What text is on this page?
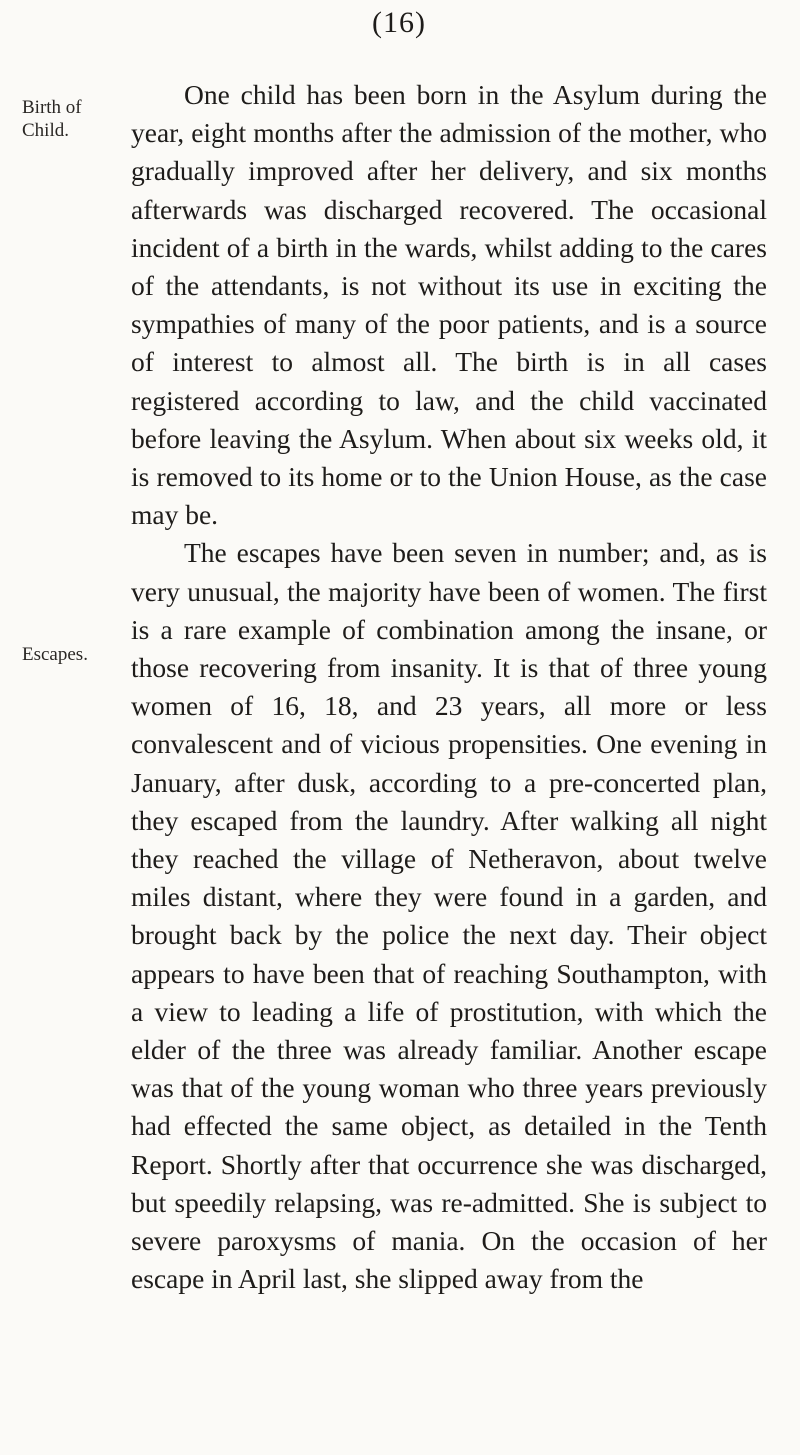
(16)
Birth of Child.
Escapes.

One child has been born in the Asylum during the year, eight months after the admission of the mother, who gradually improved after her delivery, and six months afterwards was discharged recovered. The occasional incident of a birth in the wards, whilst adding to the cares of the attendants, is not without its use in exciting the sympathies of many of the poor patients, and is a source of interest to almost all. The birth is in all cases registered according to law, and the child vaccinated before leaving the Asylum. When about six weeks old, it is removed to its home or to the Union House, as the case may be.

The escapes have been seven in number; and, as is very unusual, the majority have been of women. The first is a rare example of combination among the insane, or those recovering from insanity. It is that of three young women of 16, 18, and 23 years, all more or less convalescent and of vicious propensities. One evening in January, after dusk, according to a pre-concerted plan, they escaped from the laundry. After walking all night they reached the village of Netheravon, about twelve miles distant, where they were found in a garden, and brought back by the police the next day. Their object appears to have been that of reaching Southampton, with a view to leading a life of prostitution, with which the elder of the three was already familiar. Another escape was that of the young woman who three years previously had effected the same object, as detailed in the Tenth Report. Shortly after that occurrence she was discharged, but speedily relapsing, was re-admitted. She is subject to severe paroxysms of mania. On the occasion of her escape in April last, she slipped away from the
